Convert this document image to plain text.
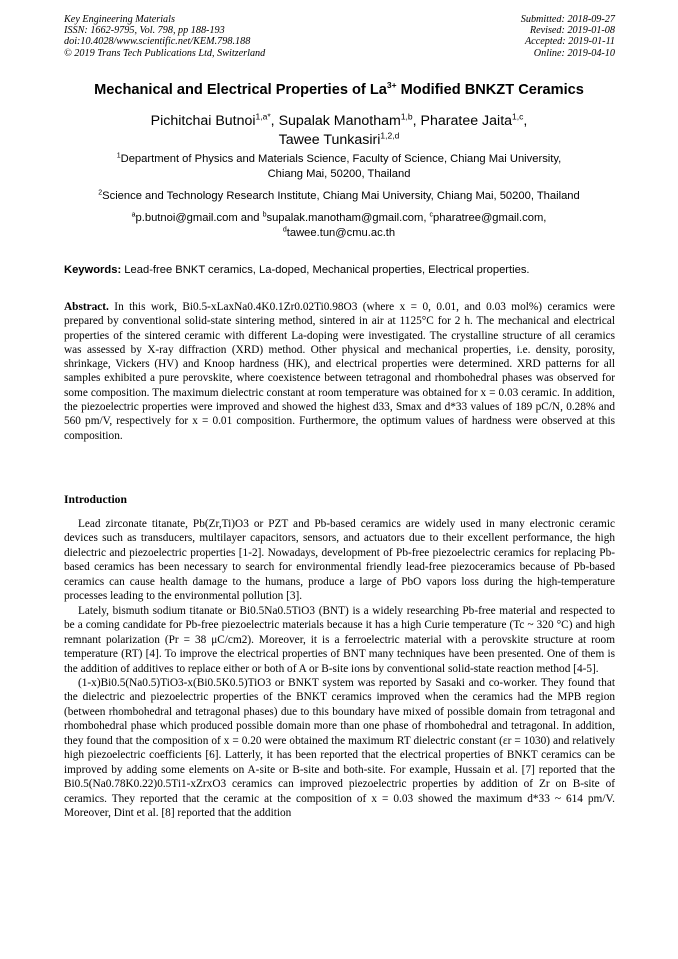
Key Engineering Materials
ISSN: 1662-9795, Vol. 798, pp 188-193
doi:10.4028/www.scientific.net/KEM.798.188
© 2019 Trans Tech Publications Ltd, Switzerland
Submitted: 2018-09-27
Revised: 2019-01-08
Accepted: 2019-01-11
Online: 2019-04-10
Mechanical and Electrical Properties of $La^{3+}$ Modified BNKZT Ceramics
Pichitchai Butnoi$^{1,a*}$, Supalak Manotham$^{1,b}$, Pharatee Jaita$^{1,c}$,
Tawee Tunkasiri$^{1,2,d}$
$^1$Department of Physics and Materials Science, Faculty of Science, Chiang Mai University,
Chiang Mai, 50200, Thailand
$^2$Science and Technology Research Institute, Chiang Mai University, Chiang Mai, 50200, Thailand
$^a$p.butnoi@gmail.com and $^b$supalak.manotham@gmail.com, $^c$pharatree@gmail.com,
$^d$tawee.tun@cmu.ac.th
Keywords: Lead-free BNKT ceramics, La-doped, Mechanical properties, Electrical properties.
Abstract. In this work, Bi0.5-xLaxNa0.4K0.1Zr0.02Ti0.98O3 (where x = 0, 0.01, and 0.03 mol%) ceramics were prepared by conventional solid-state sintering method, sintered in air at 1125°C for 2 h. The mechanical and electrical properties of the sintered ceramic with different La-doping were investigated. The crystalline structure of all ceramics was assessed by X-ray diffraction (XRD) method. Other physical and mechanical properties, i.e. density, porosity, shrinkage, Vickers (HV) and Knoop hardness (HK), and electrical properties were determined. XRD patterns for all samples exhibited a pure perovskite, where coexistence between tetragonal and rhombohedral phases was observed for some composition. The maximum dielectric constant at room temperature was obtained for x = 0.03 ceramic. In addition, the piezoelectric properties were improved and showed the highest d33, Smax and d*33 values of 189 pC/N, 0.28% and 560 pm/V, respectively for x = 0.01 composition. Furthermore, the optimum values of hardness were observed at this composition.
Introduction

Lead zirconate titanate, Pb(Zr,Ti)O3 or PZT and Pb-based ceramics are widely used in many electronic ceramic devices such as transducers, multilayer capacitors, sensors, and actuators due to their excellent performance, the high dielectric and piezoelectric properties [1-2]. Nowadays, development of Pb-free piezoelectric ceramics for replacing Pb-based ceramics has been necessary to search for environmental friendly lead-free piezoceramics because of Pb-based ceramics can cause health damage to the humans, produce a large of PbO vapors loss during the high-temperature processes leading to the environmental pollution [3].

Lately, bismuth sodium titanate or Bi0.5Na0.5TiO3 (BNT) is a widely researching Pb-free material and respected to be a coming candidate for Pb-free piezoelectric materials because it has a high Curie temperature (Tc ~ 320 °C) and high remnant polarization (Pr = 38 μC/cm2). Moreover, it is a ferroelectric material with a perovskite structure at room temperature (RT) [4]. To improve the electrical properties of BNT many techniques have been presented. One of them is the addition of additives to replace either or both of A or B-site ions by conventional solid-state reaction method [4-5].

(1-x)Bi0.5(Na0.5)TiO3-x(Bi0.5K0.5)TiO3 or BNKT system was reported by Sasaki and co-worker. They found that the dielectric and piezoelectric properties of the BNKT ceramics improved when the ceramics had the MPB region (between rhombohedral and tetragonal phases) due to this boundary have mixed of possible domain from tetragonal and rhombohedral phase which produced possible domain more than one phase of rhombohedral and tetragonal. In addition, they found that the composition of x = 0.20 were obtained the maximum RT dielectric constant (εr = 1030) and relatively high piezoelectric coefficients [6]. Latterly, it has been reported that the electrical properties of BNKT ceramics can be improved by adding some elements on A-site or B-site and both-site. For example, Hussain et al. [7] reported that the Bi0.5(Na0.78K0.22)0.5Ti1-xZrxO3 ceramics can improved piezoelectric properties by addition of Zr on B-site of ceramics. They reported that the ceramic at the composition of x = 0.03 showed the maximum d*33 ~ 614 pm/V. Moreover, Dint et al. [8] reported that the addition
